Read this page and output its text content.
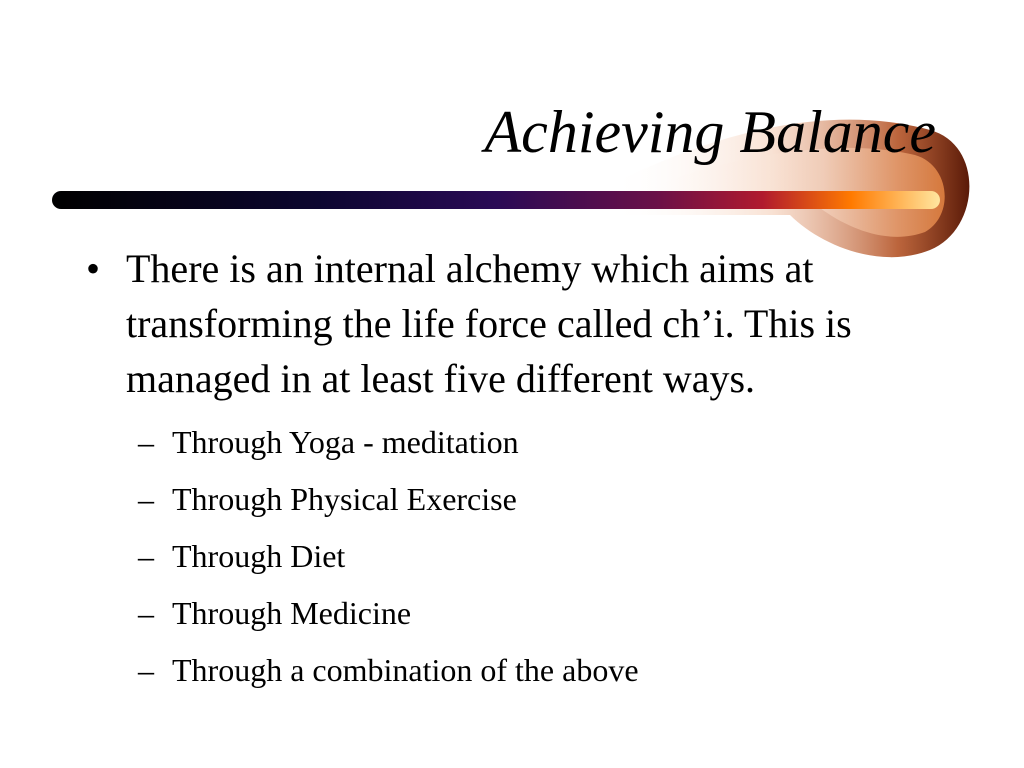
Achieving Balance
• There is an internal alchemy which aims at transforming the life force called ch’i. This is managed in at least five different ways.
– Through Yoga - meditation
– Through Physical Exercise
– Through Diet
– Through Medicine
– Through a combination of the above
